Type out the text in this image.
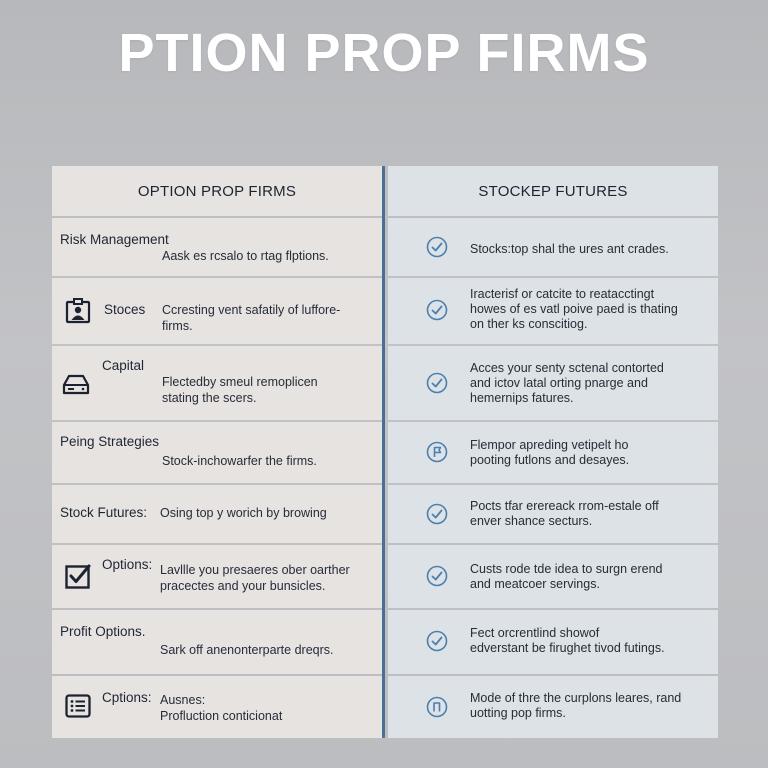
PTION PROP FIRMS
OPTION PROP FIRMS
Risk Management
Aask es rcsalo to rtag flptions.
Stoces Ccresting vent safatily of luffore-
firms.
Capital
Flectedby smeul remoplicen
stating the scers.
Peing Strategies
Stock-inchowarfer the firms.
Stock Futures: Osing top y worich by browing
Options: Lavllle you presaeres ober oarther
pracectes and your bunsicles.
Profit Options.
Sark off anenonterparte dreqrs.
Cptions: Ausnes:
Profluction conticionat
STOCKEP FUTURES
Stocks:top shal the ures ant crades.
Iracterisf or catcite to reatacctingt
howes of es vatl poive paed is thating
on ther ks conscitiog.
Acces your senty sctenal contorted
and ictov latal orting pnarge and
hemernips fatures.
Flempor apreding vetipelt ho
pooting futlons and desayes.
Pocts tfar erereack rrom-estale off
enver shance secturs.
Custs rode tde idea to surgn erend
and meatcoer servings.
Fect orcrentlind showof
edverstant be firughet tivod futings.
Mode of thre the curplons leares, rand
uotting pop firms.
